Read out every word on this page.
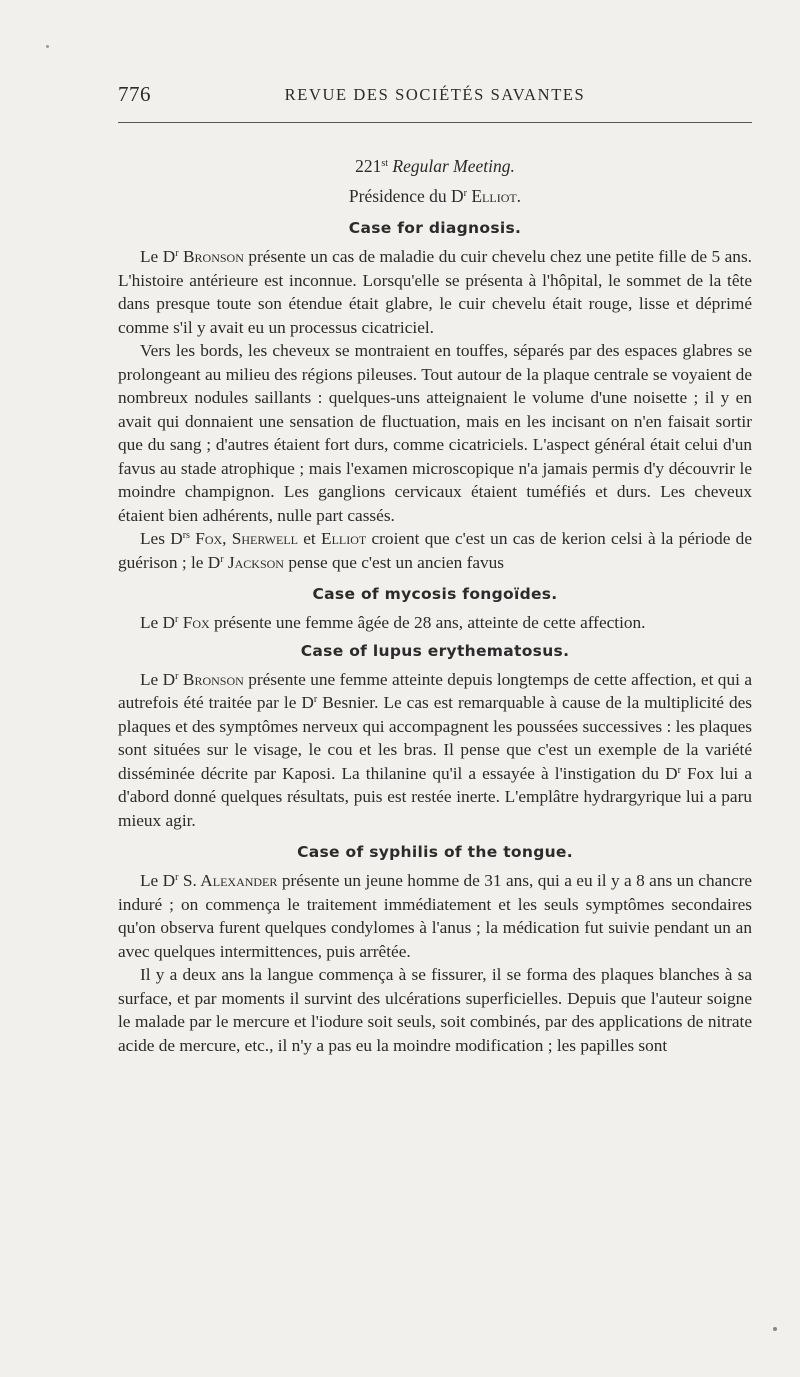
776	REVUE DES SOCIÉTÉS SAVANTES

221st Regular Meeting.

Présidence du $D^r$ Elliot.

Case for diagnosis.

Le $D^r$ Bronson présente un cas de maladie du cuir chevelu chez une petite fille de 5 ans. L'histoire antérieure est inconnue. Lorsqu'elle se présenta à l'hôpital, le sommet de la tête dans presque toute son étendue était glabre, le cuir chevelu était rouge, lisse et déprimé comme s'il y avait eu un processus cicatriciel.

Vers les bords, les cheveux se montraient en touffes, séparés par des espaces glabres se prolongeant au milieu des régions pileuses. Tout autour de la plaque centrale se voyaient de nombreux nodules saillants : quelques-uns atteignaient le volume d'une noisette ; il y en avait qui donnaient une sensation de fluctuation, mais en les incisant on n'en faisait sortir que du sang ; d'autres étaient fort durs, comme cicatriciels. L'aspect général était celui d'un favus au stade atrophique ; mais l'examen microscopique n'a jamais permis d'y découvrir le moindre champignon. Les ganglions cervicaux étaient tuméfiés et durs. Les cheveux étaient bien adhérents, nulle part cassés.

Les $D^{rs}$ Fox, Sherwell et Elliot croient que c'est un cas de kerion celsi à la période de guérison ; le $D^r$ Jackson pense que c'est un ancien favus

Case of mycosis fongoïdes.

Le $D^r$ Fox présente une femme âgée de 28 ans, atteinte de cette affection.

Case of lupus erythematosus.

Le $D^r$ Bronson présente une femme atteinte depuis longtemps de cette affection, et qui a autrefois été traitée par le $D^r$ Besnier. Le cas est remarquable à cause de la multiplicité des plaques et des symptômes nerveux qui accompagnent les poussées successives : les plaques sont situées sur le visage, le cou et les bras. Il pense que c'est un exemple de la variété disséminée décrite par Kaposi. La thilanine qu'il a essayée à l'instigation du $D^r$ Fox lui a d'abord donné quelques résultats, puis est restée inerte. L'emplâtre hydrargyrique lui a paru mieux agir.

Case of syphilis of the tongue.

Le $D^r$ S. Alexander présente un jeune homme de 31 ans, qui a eu il y a 8 ans un chancre induré ; on commença le traitement immédiatement et les seuls symptômes secondaires qu'on observa furent quelques condylomes à l'anus ; la médication fut suivie pendant un an avec quelques intermittences, puis arrêtée.

Il y a deux ans la langue commença à se fissurer, il se forma des plaques blanches à sa surface, et par moments il survint des ulcérations superficielles. Depuis que l'auteur soigne le malade par le mercure et l'iodure soit seuls, soit combinés, par des applications de nitrate acide de mercure, etc., il n'y a pas eu la moindre modification ; les papilles sont
